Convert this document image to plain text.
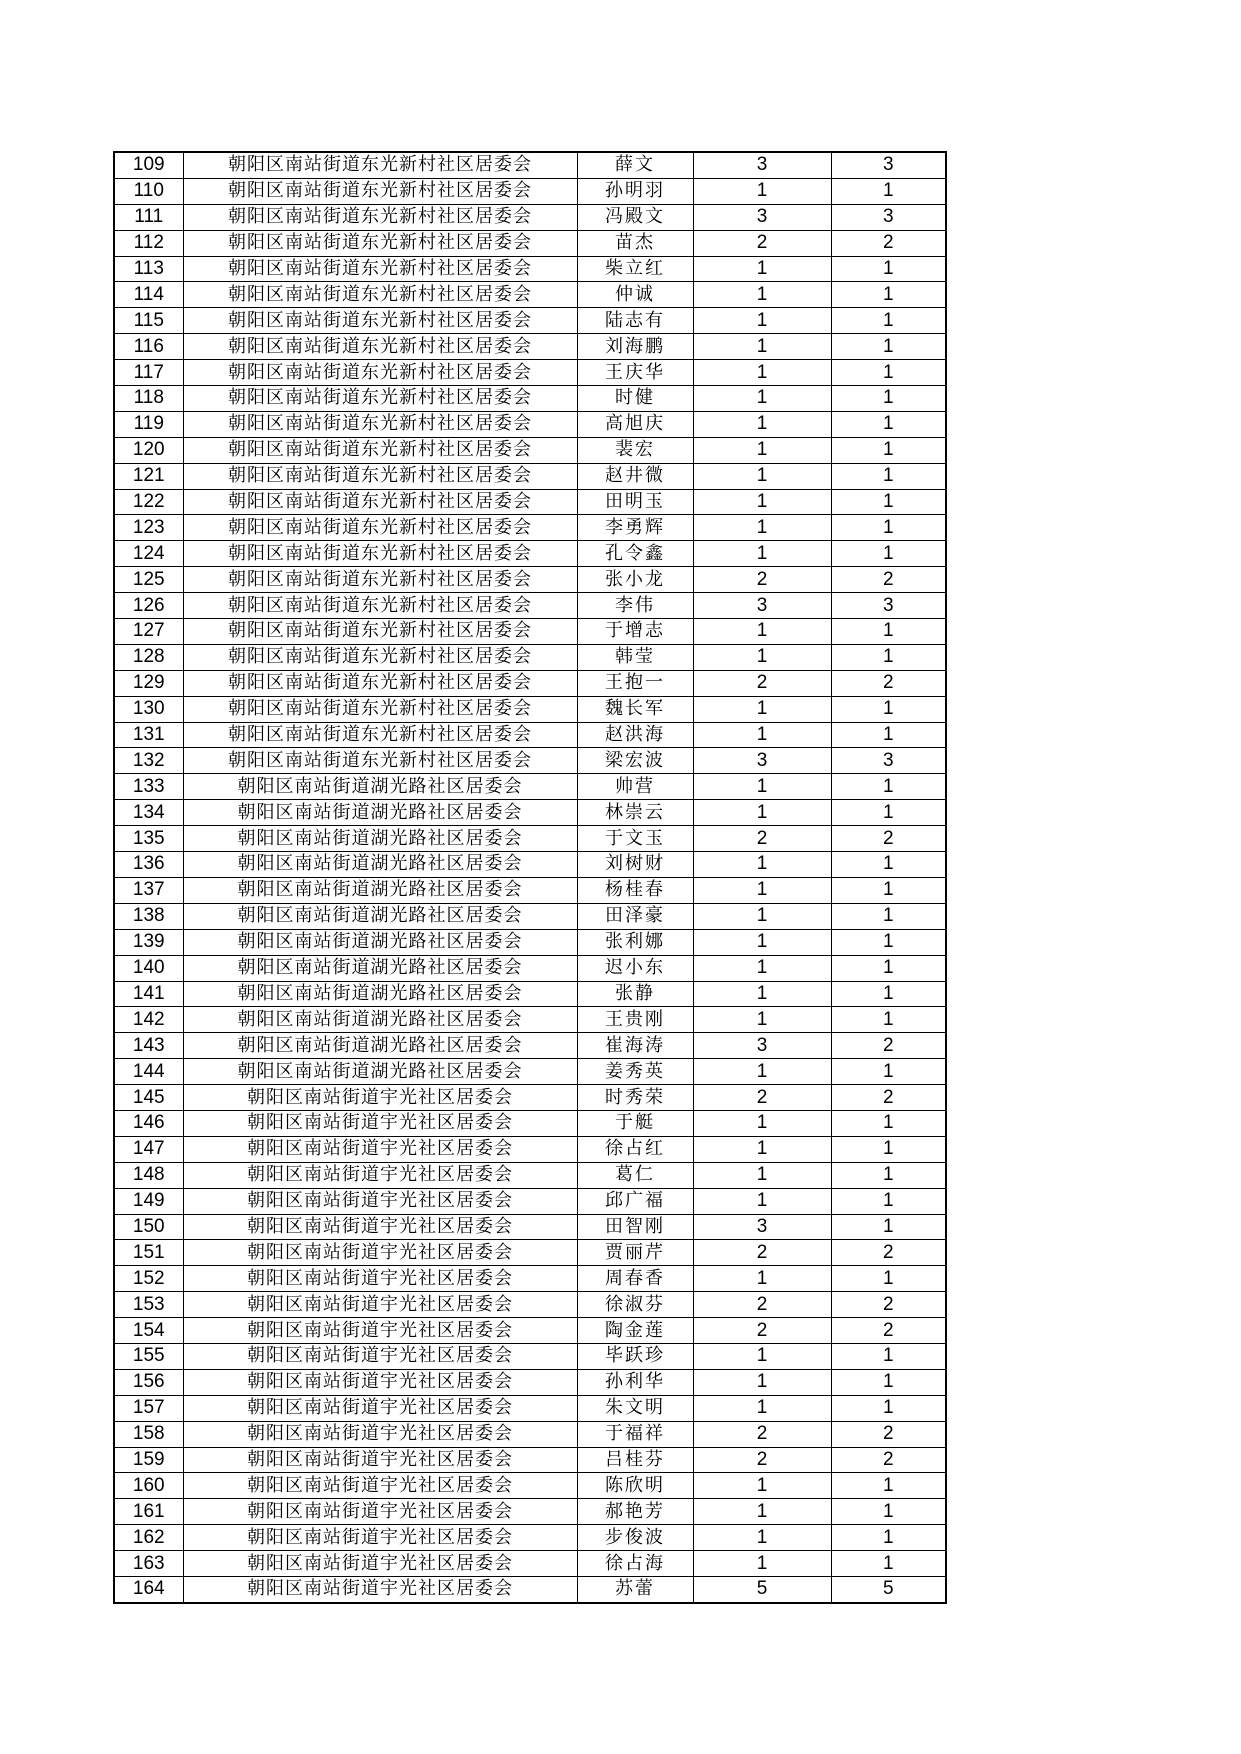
109	朝阳区南站街道东光新村社区居委会	薛文	3	3
110	朝阳区南站街道东光新村社区居委会	孙明羽	1	1
111	朝阳区南站街道东光新村社区居委会	冯殿文	3	3
112	朝阳区南站街道东光新村社区居委会	苗杰	2	2
113	朝阳区南站街道东光新村社区居委会	柴立红	1	1
114	朝阳区南站街道东光新村社区居委会	仲诚	1	1
115	朝阳区南站街道东光新村社区居委会	陆志有	1	1
116	朝阳区南站街道东光新村社区居委会	刘海鹏	1	1
117	朝阳区南站街道东光新村社区居委会	王庆华	1	1
118	朝阳区南站街道东光新村社区居委会	时健	1	1
119	朝阳区南站街道东光新村社区居委会	高旭庆	1	1
120	朝阳区南站街道东光新村社区居委会	裴宏	1	1
121	朝阳区南站街道东光新村社区居委会	赵井微	1	1
122	朝阳区南站街道东光新村社区居委会	田明玉	1	1
123	朝阳区南站街道东光新村社区居委会	李勇辉	1	1
124	朝阳区南站街道东光新村社区居委会	孔令鑫	1	1
125	朝阳区南站街道东光新村社区居委会	张小龙	2	2
126	朝阳区南站街道东光新村社区居委会	李伟	3	3
127	朝阳区南站街道东光新村社区居委会	于增志	1	1
128	朝阳区南站街道东光新村社区居委会	韩莹	1	1
129	朝阳区南站街道东光新村社区居委会	王抱一	2	2
130	朝阳区南站街道东光新村社区居委会	魏长军	1	1
131	朝阳区南站街道东光新村社区居委会	赵洪海	1	1
132	朝阳区南站街道东光新村社区居委会	梁宏波	3	3
133	朝阳区南站街道湖光路社区居委会	帅营	1	1
134	朝阳区南站街道湖光路社区居委会	林崇云	1	1
135	朝阳区南站街道湖光路社区居委会	于文玉	2	2
136	朝阳区南站街道湖光路社区居委会	刘树财	1	1
137	朝阳区南站街道湖光路社区居委会	杨桂春	1	1
138	朝阳区南站街道湖光路社区居委会	田泽豪	1	1
139	朝阳区南站街道湖光路社区居委会	张利娜	1	1
140	朝阳区南站街道湖光路社区居委会	迟小东	1	1
141	朝阳区南站街道湖光路社区居委会	张静	1	1
142	朝阳区南站街道湖光路社区居委会	王贵刚	1	1
143	朝阳区南站街道湖光路社区居委会	崔海涛	3	2
144	朝阳区南站街道湖光路社区居委会	姜秀英	1	1
145	朝阳区南站街道宇光社区居委会	时秀荣	2	2
146	朝阳区南站街道宇光社区居委会	于艇	1	1
147	朝阳区南站街道宇光社区居委会	徐占红	1	1
148	朝阳区南站街道宇光社区居委会	葛仁	1	1
149	朝阳区南站街道宇光社区居委会	邱广福	1	1
150	朝阳区南站街道宇光社区居委会	田智刚	3	1
151	朝阳区南站街道宇光社区居委会	贾丽芹	2	2
152	朝阳区南站街道宇光社区居委会	周春香	1	1
153	朝阳区南站街道宇光社区居委会	徐淑芬	2	2
154	朝阳区南站街道宇光社区居委会	陶金莲	2	2
155	朝阳区南站街道宇光社区居委会	毕跃珍	1	1
156	朝阳区南站街道宇光社区居委会	孙利华	1	1
157	朝阳区南站街道宇光社区居委会	朱文明	1	1
158	朝阳区南站街道宇光社区居委会	于福祥	2	2
159	朝阳区南站街道宇光社区居委会	吕桂芬	2	2
160	朝阳区南站街道宇光社区居委会	陈欣明	1	1
161	朝阳区南站街道宇光社区居委会	郝艳芳	1	1
162	朝阳区南站街道宇光社区居委会	步俊波	1	1
163	朝阳区南站街道宇光社区居委会	徐占海	1	1
164	朝阳区南站街道宇光社区居委会	苏蕾	5	5
